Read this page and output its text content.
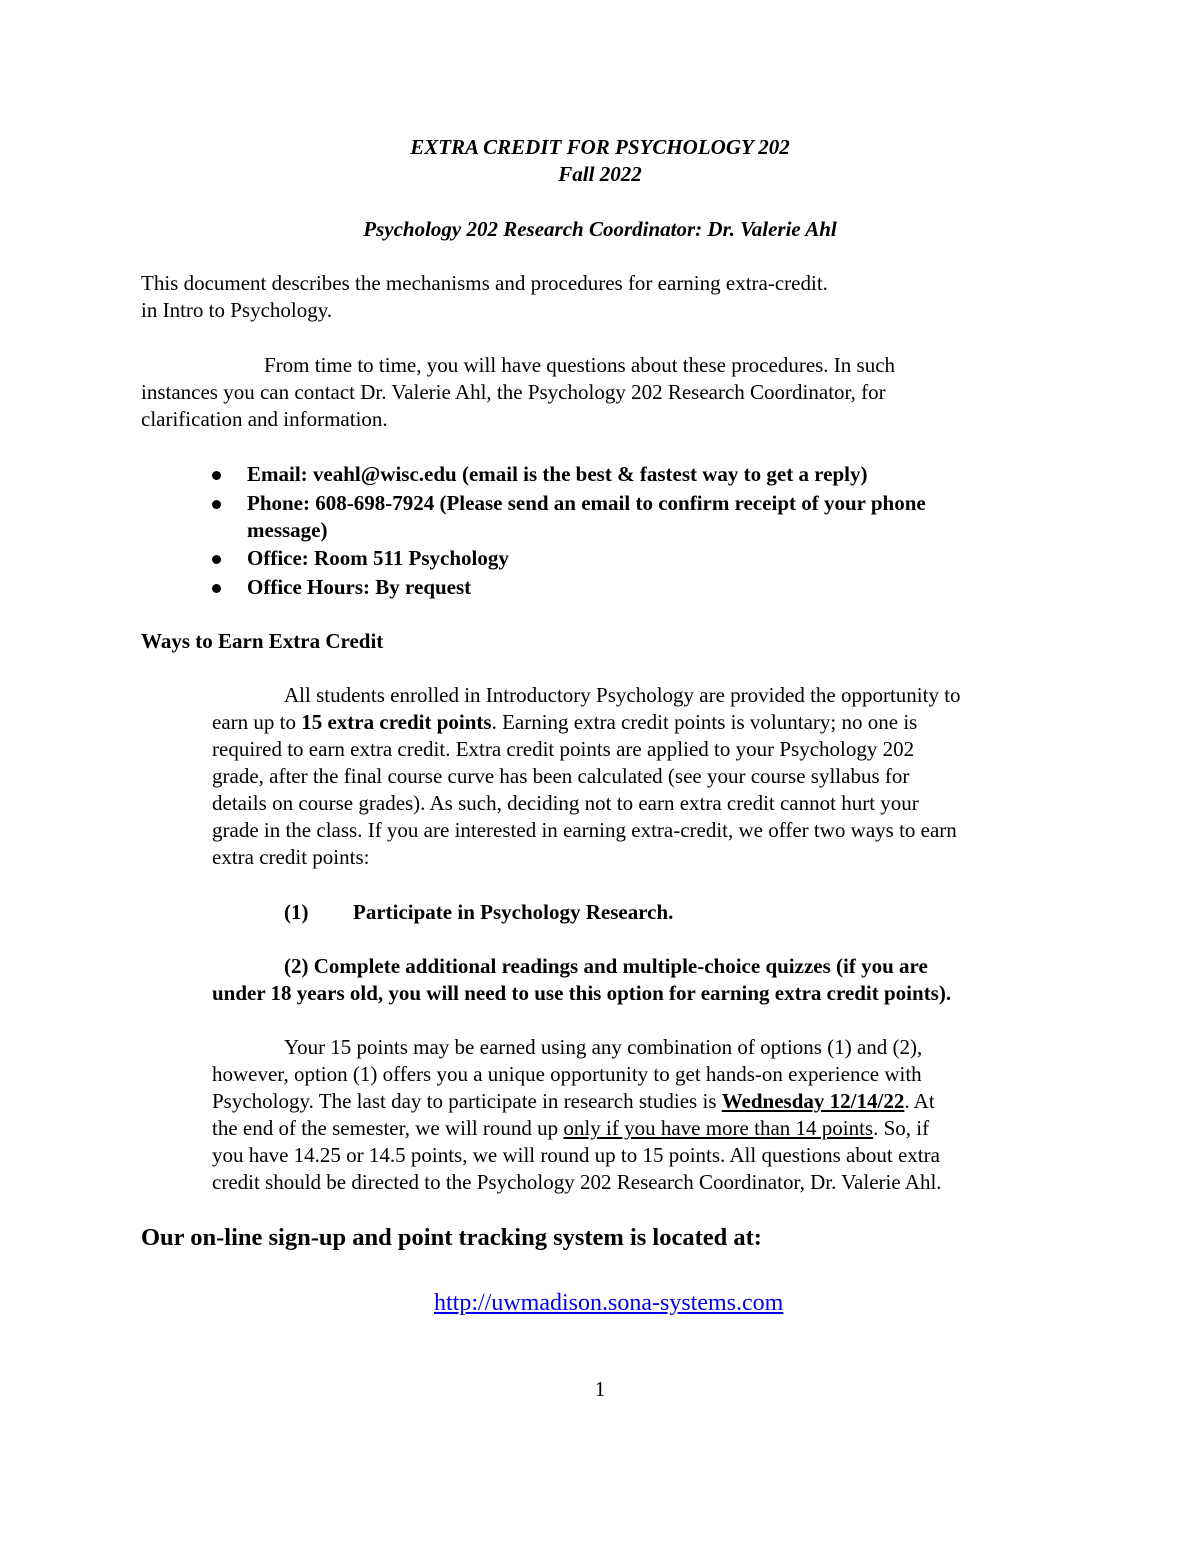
EXTRA CREDIT FOR PSYCHOLOGY 202
Fall 2022
Psychology 202 Research Coordinator: Dr. Valerie Ahl
This document describes the mechanisms and procedures for earning extra-credit.
in Intro to Psychology.
From time to time, you will have questions about these procedures. In such
instances you can contact Dr. Valerie Ahl, the Psychology 202 Research Coordinator, for
clarification and information.
Email: veahl@wisc.edu (email is the best & fastest way to get a reply)
Phone: 608-698-7924 (Please send an email to confirm receipt of your phone
message)
Office: Room 511 Psychology
Office Hours: By request
Ways to Earn Extra Credit
All students enrolled in Introductory Psychology are provided the opportunity to
earn up to 15 extra credit points. Earning extra credit points is voluntary; no one is
required to earn extra credit. Extra credit points are applied to your Psychology 202
grade, after the final course curve has been calculated (see your course syllabus for
details on course grades). As such, deciding not to earn extra credit cannot hurt your
grade in the class. If you are interested in earning extra-credit, we offer two ways to earn
extra credit points:
(1) Participate in Psychology Research.
(2) Complete additional readings and multiple-choice quizzes (if you are
under 18 years old, you will need to use this option for earning extra credit points).
Your 15 points may be earned using any combination of options (1) and (2),
however, option (1) offers you a unique opportunity to get hands-on experience with
Psychology. The last day to participate in research studies is Wednesday 12/14/22. At
the end of the semester, we will round up only if you have more than 14 points. So, if
you have 14.25 or 14.5 points, we will round up to 15 points. All questions about extra
credit should be directed to the Psychology 202 Research Coordinator, Dr. Valerie Ahl.
Our on-line sign-up and point tracking system is located at:
http://uwmadison.sona-systems.com
1
